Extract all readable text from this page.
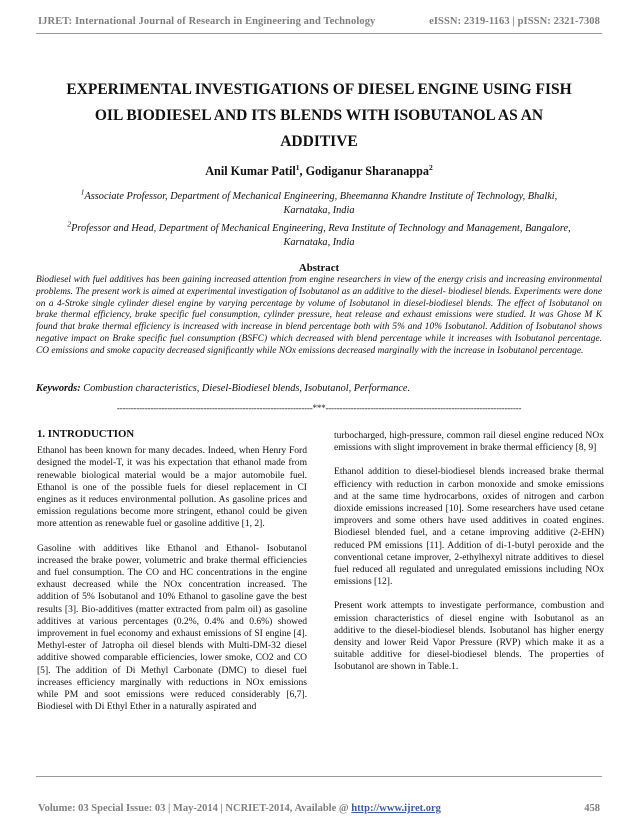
IJRET: International Journal of Research in Engineering and Technology	eISSN: 2319-1163 | pISSN: 2321-7308
EXPERIMENTAL INVESTIGATIONS OF DIESEL ENGINE USING FISH
OIL BIODIESEL AND ITS BLENDS WITH ISOBUTANOL AS AN
ADDITIVE
Anil Kumar Patil$^1$, Godiganur Sharanappa$^2$
$^1$Associate Professor, Department of Mechanical Engineering, Bheemanna Khandre Institute of Technology, Bhalki,
Karnataka, India
$^2$Professor and Head, Department of Mechanical Engineering, Reva Institute of Technology and Management, Bangalore,
Karnataka, India
Abstract
Biodiesel with fuel additives has been gaining increased attention from engine researchers in view of the energy crisis and increasing environmental problems. The present work is aimed at experimental investigation of Isobutanol as an additive to the diesel- biodiesel blends. Experiments were done on a 4-Stroke single cylinder diesel engine by varying percentage by volume of Isobutanol in diesel-biodiesel blends. The effect of Isobutanol on brake thermal efficiency, brake specific fuel consumption, cylinder pressure, heat release and exhaust emissions were studied. It was Ghose M K found that brake thermal efficiency is increased with increase in blend percentage both with 5% and 10% Isobutanol. Addition of Isobutanol shows negative impact on Brake specific fuel consumption (BSFC) which decreased with blend percentage while it increases with Isobutanol percentage. CO emissions and smoke capacity decreased significantly while NOx emissions decreased marginally with the increase in Isobutanol percentage.
Keywords: Combustion characteristics, Diesel-Biodiesel blends, Isobutanol, Performance.
----------------------------------------------------------------------***----------------------------------------------------------------------
1. INTRODUCTION

Ethanol has been known for many decades. Indeed, when Henry Ford designed the model-T, it was his expectation that ethanol made from renewable biological material would be a major automobile fuel. Ethanol is one of the possible fuels for diesel replacement in CI engines as it reduces environmental pollution. As gasoline prices and emission regulations become more stringent, ethanol could be given more attention as renewable fuel or gasoline additive [1, 2].

Gasoline with additives like Ethanol and Ethanol- Isobutanol increased the brake power, volumetric and brake thermal efficiencies and fuel consumption. The CO and HC concentrations in the engine exhaust decreased while the NOx concentration increased. The addition of 5% Isobutanol and 10% Ethanol to gasoline gave the best results [3]. Bio-additives (matter extracted from palm oil) as gasoline additives at various percentages (0.2%, 0.4% and 0.6%) showed improvement in fuel economy and exhaust emissions of SI engine [4]. Methyl-ester of Jatropha oil diesel blends with Multi-DM-32 diesel additive showed comparable efficiencies, lower smoke, CO2 and CO [5]. The addition of Di Methyl Carbonate (DMC) to diesel fuel increases efficiency marginally with reductions in NOx emissions while PM and soot emissions were reduced considerably [6,7]. Biodiesel with Di Ethyl Ether in a naturally aspirated and

turbocharged, high-pressure, common rail diesel engine reduced NOx emissions with slight improvement in brake thermal efficiency [8, 9]

Ethanol addition to diesel-biodiesel blends increased brake thermal efficiency with reduction in carbon monoxide and smoke emissions and at the same time hydrocarbons, oxides of nitrogen and carbon dioxide emissions increased [10]. Some researchers have used cetane improvers and some others have used additives in coated engines. Biodiesel blended fuel, and a cetane improving additive (2-EHN) reduced PM emissions [11]. Addition of di-1-butyl peroxide and the conventional cetane improver, 2-ethylhexyl nitrate additives to diesel fuel reduced all regulated and unregulated emissions including NOx emissions [12].

Present work attempts to investigate performance, combustion and emission characteristics of diesel engine with Isobutanol as an additive to the diesel-biodiesel blends. Isobutanol has higher energy density and lower Reid Vapor Pressure (RVP) which make it as a suitable additive for diesel-biodiesel blends. The properties of Isobutanol are shown in Table.1.

Volume: 03 Special Issue: 03 | May-2014 | NCRIET-2014, Available @ http://www.ijret.org	458
